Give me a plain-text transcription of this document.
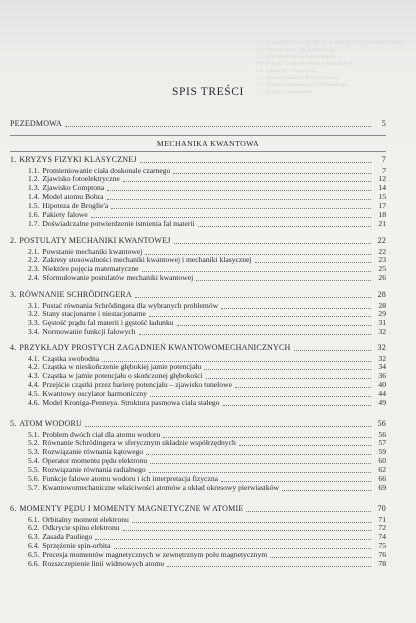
1.1. PODSTAWOWE POJĘCIA W MECHANICE KWANTOWEJ
1.2. Funkcja stanu i jej interpretacja
1.3. Równanie falowe Schrödingera
POSTULATY MECHANIKI KWANTOWEJ
1.4. Operatory i obserwable
1.5. Wartości własne i funkcje własne
1.6. Zasada nieoznaczoności Heisenberga
1.7. Reguły kwantowania
SPIS TREŚCI
PEZEDMOWA	5
MECHANIKA KWANTOWA
1. KRYZYS FIZYKI KLASYCZNEJ	7
1.1. Promieniowanie ciała doskonale czarnego	7
1.2. Zjawisko fotoelektryczne	12
1.3. Zjawisko Comptona	14
1.4. Model atomu Bohra	15
1.5. Hipoteza de Broglie'a	17
1.6. Pakiety falowe	18
1.7. Doświadczalne potwierdzenie istnienia fal materii	21
2. POSTULATY MECHANIKI KWANTOWEJ	22
2.1. Powstanie mechaniki kwantowej	22
2.2. Zakresy stosowalności mechaniki kwantowej i mechaniki klasycznej	23
2.3. Niektóre pojęcia matematyczne	25
2.4. Sformułowanie postulatów mechaniki kwantowej	26
3. RÓWNANIE SCHRÖDINGERA	28
3.1. Postać równania Schrödingera dla wybranych problemów	28
3.2. Stany stacjonarne i niestacjonarne	29
3.3. Gęstość prądu fal materii i gęstość ładunku	31
3.4. Normowanie funkcji falowych	32
4. PRZYKŁADY PROSTYCH ZAGADNIEŃ KWANTOWOMECHANICZNYCH	32
4.1. Cząstka swobodna	32
4.2. Cząstka w nieskończenie głębokiej jamie potencjału	34
4.3. Cząstka w jamie potencjału o skończonej głębokości	36
4.4. Przejście cząstki przez barierę potencjału – zjawisko tunelowe	40
4.5. Kwantowy oscylator harmoniczny	44
4.6. Model Kroniga-Penneya. Struktura pasmowa ciała stałego	49
5. ATOM WODORU	56
5.1. Problem dwóch ciał dla atomu wodoru	56
5.2. Równanie Schrödingera w sferycznym układzie współrzędnych	57
5.3. Rozwiązanie równania kątowego	59
5.4. Operator momentu pędu elektronu	60
5.5. Rozwiązanie równania radialnego	62
5.6. Funkcje falowe atomu wodoru i ich interpretacja fizyczna	66
5.7. Kwantowomechaniczne właściwości atomów a układ okresowy pierwiastków	69
6. MOMENTY PĘDU I MOMENTY MAGNETYCZNE W ATOMIE	70
6.1. Orbitalny moment elektronu	71
6.2. Odkrycie spinu elektronu	72
6.3. Zasada Pauliego	74
6.4. Sprzężenie spin-orbita	75
6.5. Precesja momentów magnetycznych w zewnętrznym polu magnetycznym	76
6.6. Rozszczepienie linii widmowych atomu	78
